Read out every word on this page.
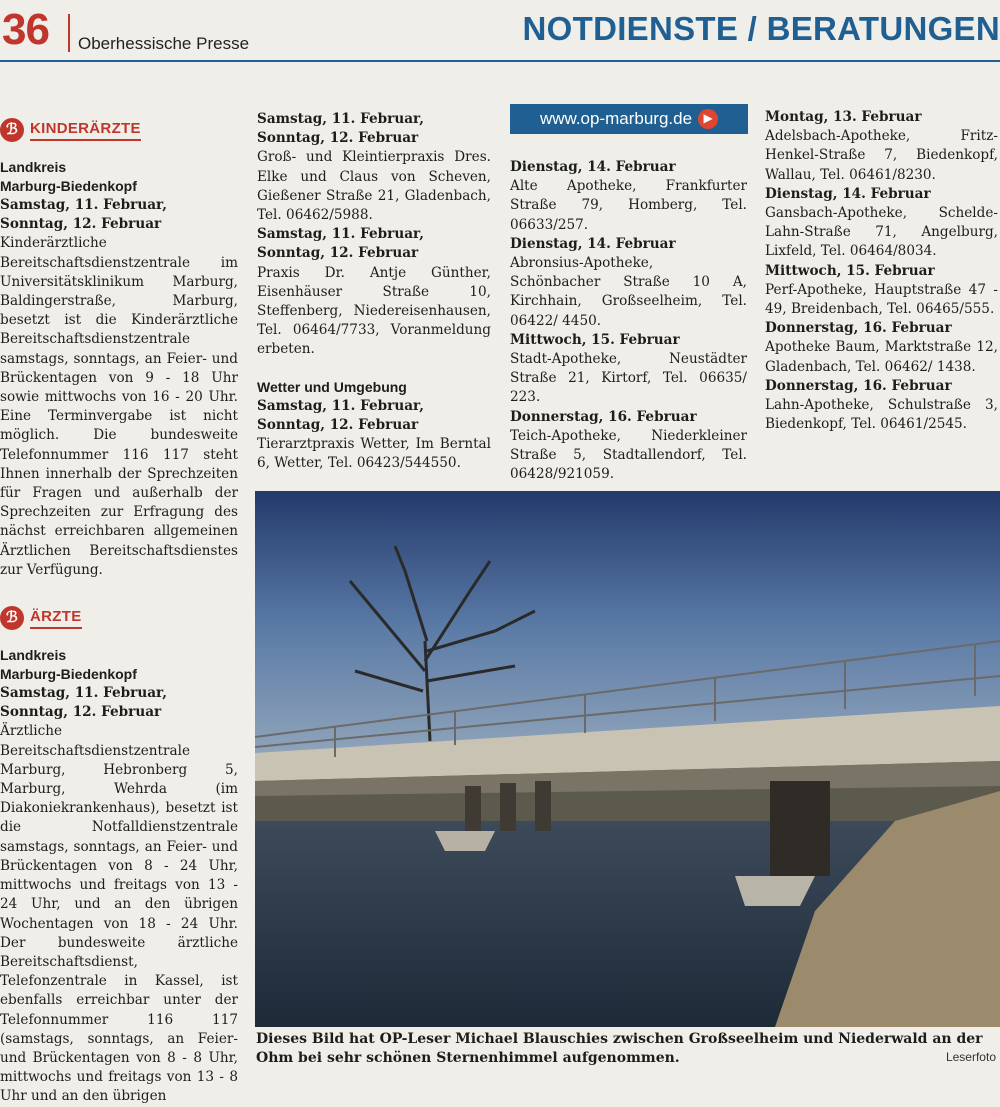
36 Oberhessische Presse	NOTDIENSTE / BERATUNGEN
ℬ KINDERÄRZTE
Landkreis
Marburg-Biedenkopf

Samstag, 11. Februar,

Sonntag, 12. Februar

Kinderärztliche Bereitschaftsdienstzentrale im Universitätsklinikum Marburg, Baldingerstraße, Marburg, besetzt ist die Kinderärztliche Bereitschaftsdienstzentrale samstags, sonntags, an Feier- und Brückentagen von 9 - 18 Uhr sowie mittwochs von 16 - 20 Uhr. Eine Terminvergabe ist nicht möglich. Die bundesweite Telefonnummer 116 117 steht Ihnen innerhalb der Sprechzeiten für Fragen und außerhalb der Sprechzeiten zur Erfragung des nächst erreichbaren allgemeinen Ärztlichen Bereitschaftsdienstes zur Verfügung.

ℬ ÄRZTE
Landkreis
Marburg-Biedenkopf

Samstag, 11. Februar,

Sonntag, 12. Februar

Ärztliche Bereitschaftsdienstzentrale Marburg, Hebronberg 5, Marburg, Wehrda (im Diakoniekrankenhaus), besetzt ist die Notfalldienstzentrale samstags, sonntags, an Feier- und Brückentagen von 8 - 24 Uhr, mittwochs und freitags von 13 - 24 Uhr, und an den übrigen Wochentagen von 18 - 24 Uhr. Der bundesweite ärztliche Bereitschaftsdienst, Telefonzentrale in Kassel, ist ebenfalls erreichbar unter der Telefonnummer 116 117 (samstags, sonntags, an Feier- und Brückentagen von 8 - 8 Uhr, mittwochs und freitags von 13 - 8 Uhr und an den übrigen

Samstag, 11. Februar,

Sonntag, 12. Februar

Groß- und Kleintierpraxis Dres. Elke und Claus von Scheven, Gießener Straße 21, Gladenbach, Tel. 06462/5988.

Samstag, 11. Februar,

Sonntag, 12. Februar

Praxis Dr. Antje Günther, Eisenhäuser Straße 10, Steffenberg, Niedereisenhausen, Tel. 06464/7733, Voranmeldung erbeten.

Wetter und Umgebung

Samstag, 11. Februar,

Sonntag, 12. Februar

Tierarztpraxis Wetter, Im Berntal 6, Wetter, Tel. 06423/544550.

www.op-marburg.de ▶

Dienstag, 14. Februar

Alte Apotheke, Frankfurter Straße 79, Homberg, Tel. 06633/257.

Dienstag, 14. Februar

Abronsius-Apotheke, Schönbacher Straße 10 A, Kirchhain, Großseelheim, Tel. 06422/ 4450.

Mittwoch, 15. Februar

Stadt-Apotheke, Neustädter Straße 21, Kirtorf, Tel. 06635/ 223.

Donnerstag, 16. Februar

Teich-Apotheke, Niederkleiner Straße 5, Stadtallendorf, Tel. 06428/921059.

Montag, 13. Februar

Adelsbach-Apotheke, Fritz-Henkel-Straße 7, Biedenkopf, Wallau, Tel. 06461/8230.

Dienstag, 14. Februar

Gansbach-Apotheke, Schelde-Lahn-Straße 71, Angelburg, Lixfeld, Tel. 06464/8034.

Mittwoch, 15. Februar

Perf-Apotheke, Hauptstraße 47 - 49, Breidenbach, Tel. 06465/555.

Donnerstag, 16. Februar

Apotheke Baum, Marktstraße 12, Gladenbach, Tel. 06462/ 1438.

Donnerstag, 16. Februar

Lahn-Apotheke, Schulstraße 3, Biedenkopf, Tel. 06461/2545.

Dieses Bild hat OP-Leser Michael Blauschies zwischen Großseelheim und Niederwald an der Ohm bei sehr schönen Sternenhimmel aufgenommen.	Leserfoto
